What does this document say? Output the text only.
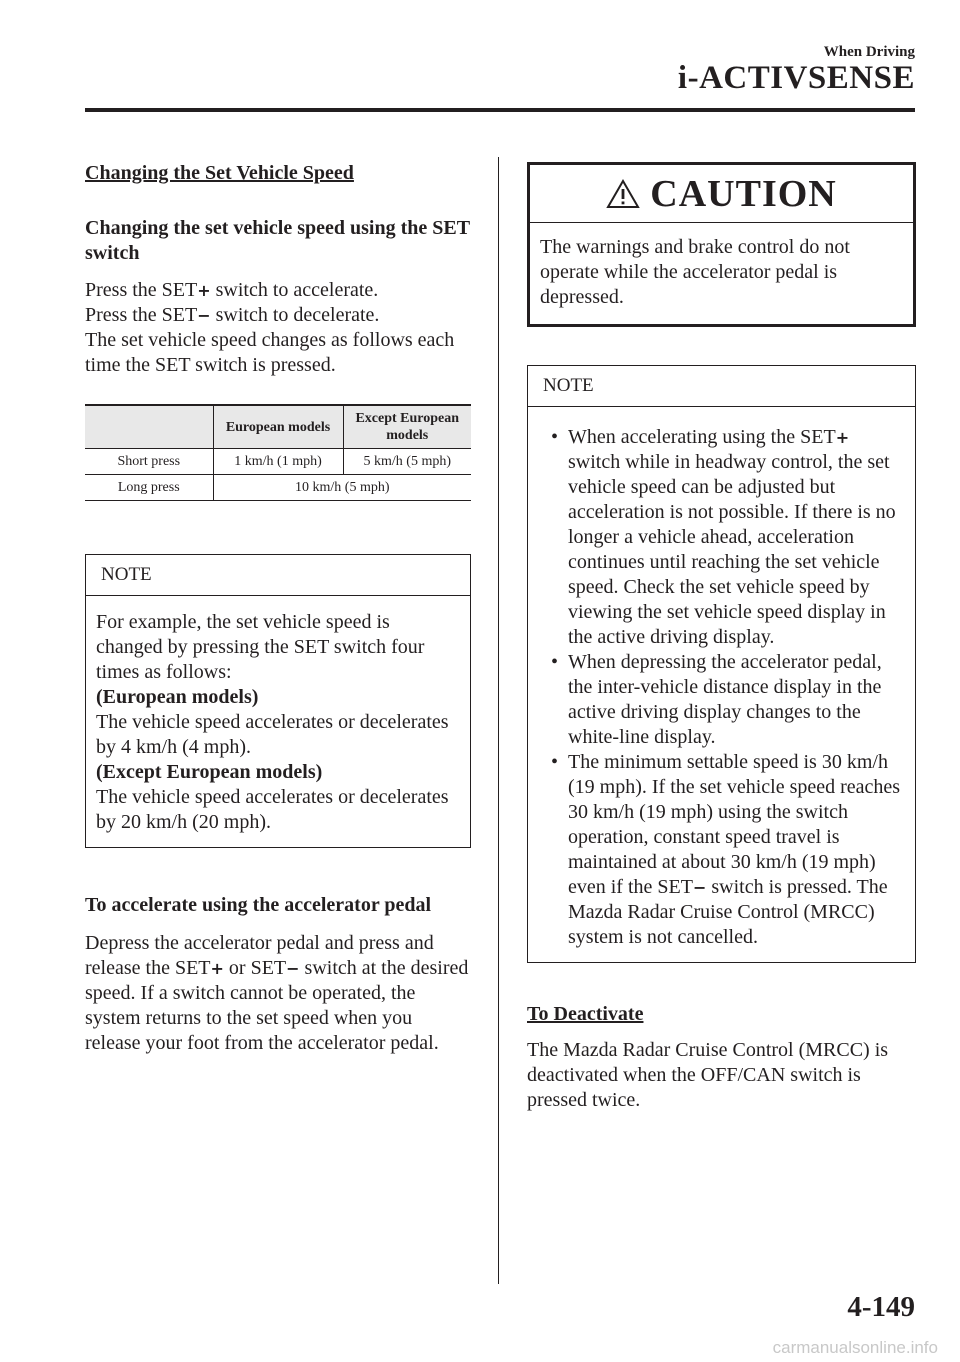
When Driving
i-ACTIVSENSE
Changing the Set Vehicle Speed
Changing the set vehicle speed using the SET switch

Press the SET+ switch to accelerate.

Press the SET− switch to decelerate.

The set vehicle speed changes as follows each time the SET switch is pressed.

	European models	Except European models
Short press	1 km/h (1 mph)	5 km/h (5 mph)
Long press	10 km/h (5 mph)	
NOTE

For example, the set vehicle speed is changed by pressing the SET switch four times as follows:

(European models)

The vehicle speed accelerates or decelerates by 4 km/h (4 mph).

(Except European models)

The vehicle speed accelerates or decelerates by 20 km/h (20 mph).

To accelerate using the accelerator pedal

Depress the accelerator pedal and press and release the SET+ or SET− switch at the desired speed. If a switch cannot be operated, the system returns to the set speed when you release your foot from the accelerator pedal.

CAUTION

The warnings and brake control do not operate while the accelerator pedal is depressed.

NOTE
• When accelerating using the SET+ switch while in headway control, the set vehicle speed can be adjusted but acceleration is not possible. If there is no longer a vehicle ahead, acceleration continues until reaching the set vehicle speed. Check the set vehicle speed by viewing the set vehicle speed display in the active driving display.
• When depressing the accelerator pedal, the inter-vehicle distance display in the active driving display changes to the white-line display.
• The minimum settable speed is 30 km/h (19 mph). If the set vehicle speed reaches 30 km/h (19 mph) using the switch operation, constant speed travel is maintained at about 30 km/h (19 mph) even if the SET− switch is pressed. The Mazda Radar Cruise Control (MRCC) system is not cancelled.
To Deactivate

The Mazda Radar Cruise Control (MRCC) is deactivated when the OFF/CAN switch is pressed twice.

4-149
carmanualsonline.info
